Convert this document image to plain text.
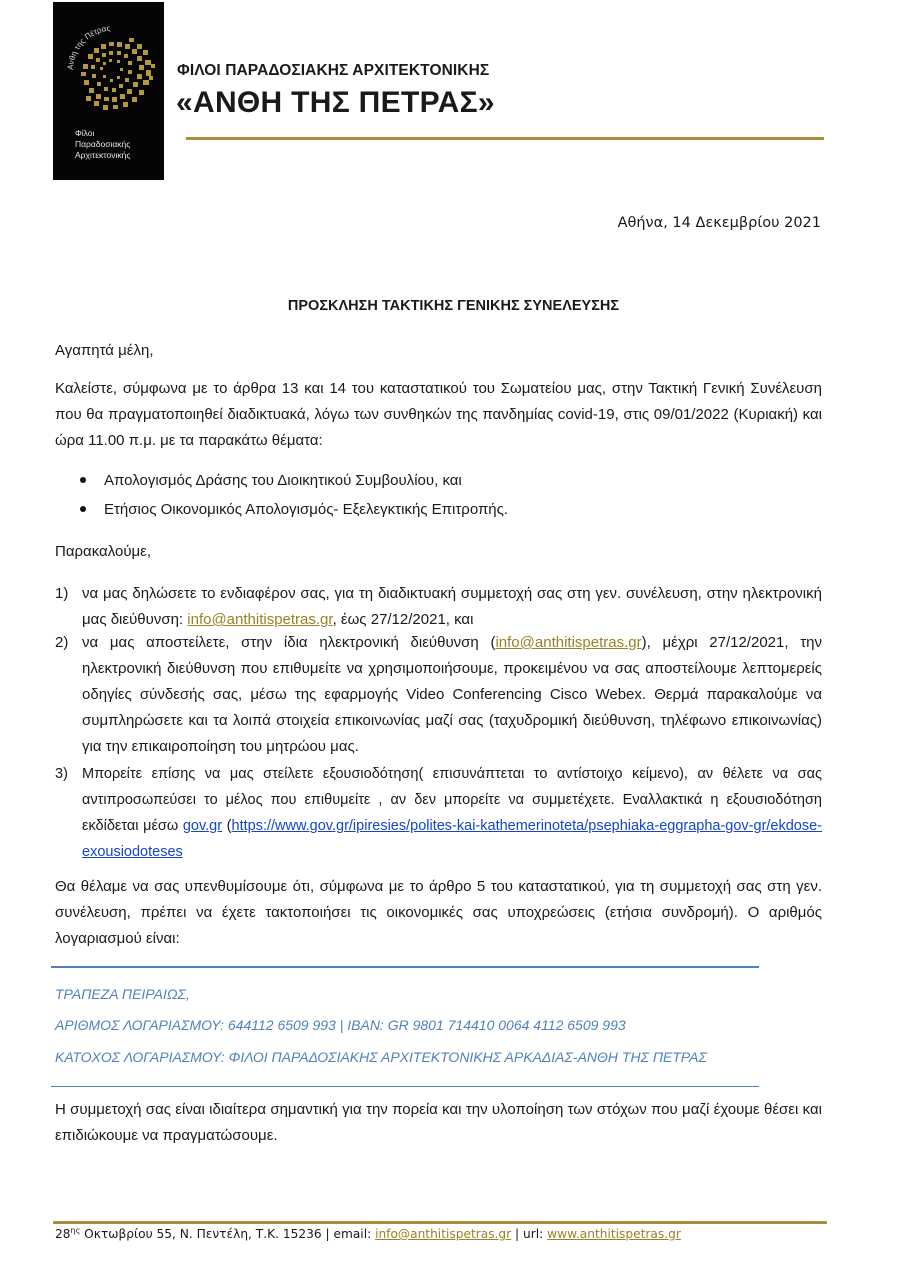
Ανθη της Πέτρας
Φίλοι
Παραδοσιακής
Αρχιτεκτονικής
ΦΙΛΟΙ ΠΑΡΑΔΟΣΙΑΚΗΣ ΑΡΧΙΤΕΚΤΟΝΙΚΗΣ
«ΑΝΘΗ ΤΗΣ ΠΕΤΡΑΣ»
Αθήνα, 14 Δεκεμβρίου 2021
ΠΡΟΣΚΛΗΣΗ ΤΑΚΤΙΚΗΣ ΓΕΝΙΚΗΣ ΣΥΝΕΛΕΥΣΗΣ
Αγαπητά μέλη,
Καλείστε, σύμφωνα με το άρθρα 13 και 14 του καταστατικού του Σωματείου μας, στην Τακτική Γενική Συνέλευση που θα πραγματοποιηθεί διαδικτυακά, λόγω των συνθηκών της πανδημίας covid-19, στις 09/01/2022 (Κυριακή) και ώρα 11.00 π.μ. με τα παρακάτω θέματα:
Απολογισμός Δράσης του Διοικητικού Συμβουλίου, και
Ετήσιος Οικονομικός Απολογισμός- Εξελεγκτικής Επιτροπής.
Παρακαλούμε,
1) να μας δηλώσετε το ενδιαφέρον σας, για τη διαδικτυακή συμμετοχή σας στη γεν. συνέλευση, στην ηλεκτρονική μας διεύθυνση: info@anthitispetras.gr, έως 27/12/2021, και
2) να μας αποστείλετε, στην ίδια ηλεκτρονική διεύθυνση (info@anthitispetras.gr), μέχρι 27/12/2021, την ηλεκτρονική διεύθυνση που επιθυμείτε να χρησιμοποιήσουμε, προκειμένου να σας αποστείλουμε λεπτομερείς οδηγίες σύνδεσής σας, μέσω της εφαρμογής Video Conferencing Cisco Webex. Θερμά παρακαλούμε να συμπληρώσετε και τα λοιπά στοιχεία επικοινωνίας μαζί σας (ταχυδρομική διεύθυνση, τηλέφωνο επικοινωνίας) για την επικαιροποίηση του μητρώου μας.
3) Μπορείτε επίσης να μας στείλετε εξουσιοδότηση( επισυνάπτεται το αντίστοιχο κείμενο), αν θέλετε να σας αντιπροσωπεύσει το μέλος που επιθυμείτε , αν δεν μπορείτε να συμμετέχετε. Εναλλακτικά η εξουσιοδότηση εκδίδεται μέσω gov.gr (https://www.gov.gr/ipiresies/polites-kai-kathemerinoteta/psephiaka-eggrapha-gov-gr/ekdose-exousiodoteses
Θα θέλαμε να σας υπενθυμίσουμε ότι, σύμφωνα με το άρθρο 5 του καταστατικού, για τη συμμετοχή σας στη γεν. συνέλευση, πρέπει να έχετε τακτοποιήσει τις οικονομικές σας υποχρεώσεις (ετήσια συνδρομή). Ο αριθμός λογαριασμού είναι:
ΤΡΑΠΕΖΑ ΠΕΙΡΑΙΩΣ,
ΑΡΙΘΜΟΣ ΛΟΓΑΡΙΑΣΜΟΥ: 644112 6509 993 | IBAN: GR 9801 714410 0064 4112 6509 993
ΚΑΤΟΧΟΣ ΛΟΓΑΡΙΑΣΜΟΥ: ΦΙΛΟΙ ΠΑΡΑΔΟΣΙΑΚΗΣ ΑΡΧΙΤΕΚΤΟΝΙΚΗΣ ΑΡΚΑΔΙΑΣ-ΑΝΘΗ ΤΗΣ ΠΕΤΡΑΣ
Η συμμετοχή σας είναι ιδιαίτερα σημαντική για την πορεία και την υλοποίηση των στόχων που μαζί έχουμε θέσει και επιδιώκουμε να πραγματώσουμε.
$28^{\eta\varsigma}$ Οκτωβρίου 55, Ν. Πεντέλη, Τ.Κ. 15236 | email: info@anthitispetras.gr | url: www.anthitispetras.gr
